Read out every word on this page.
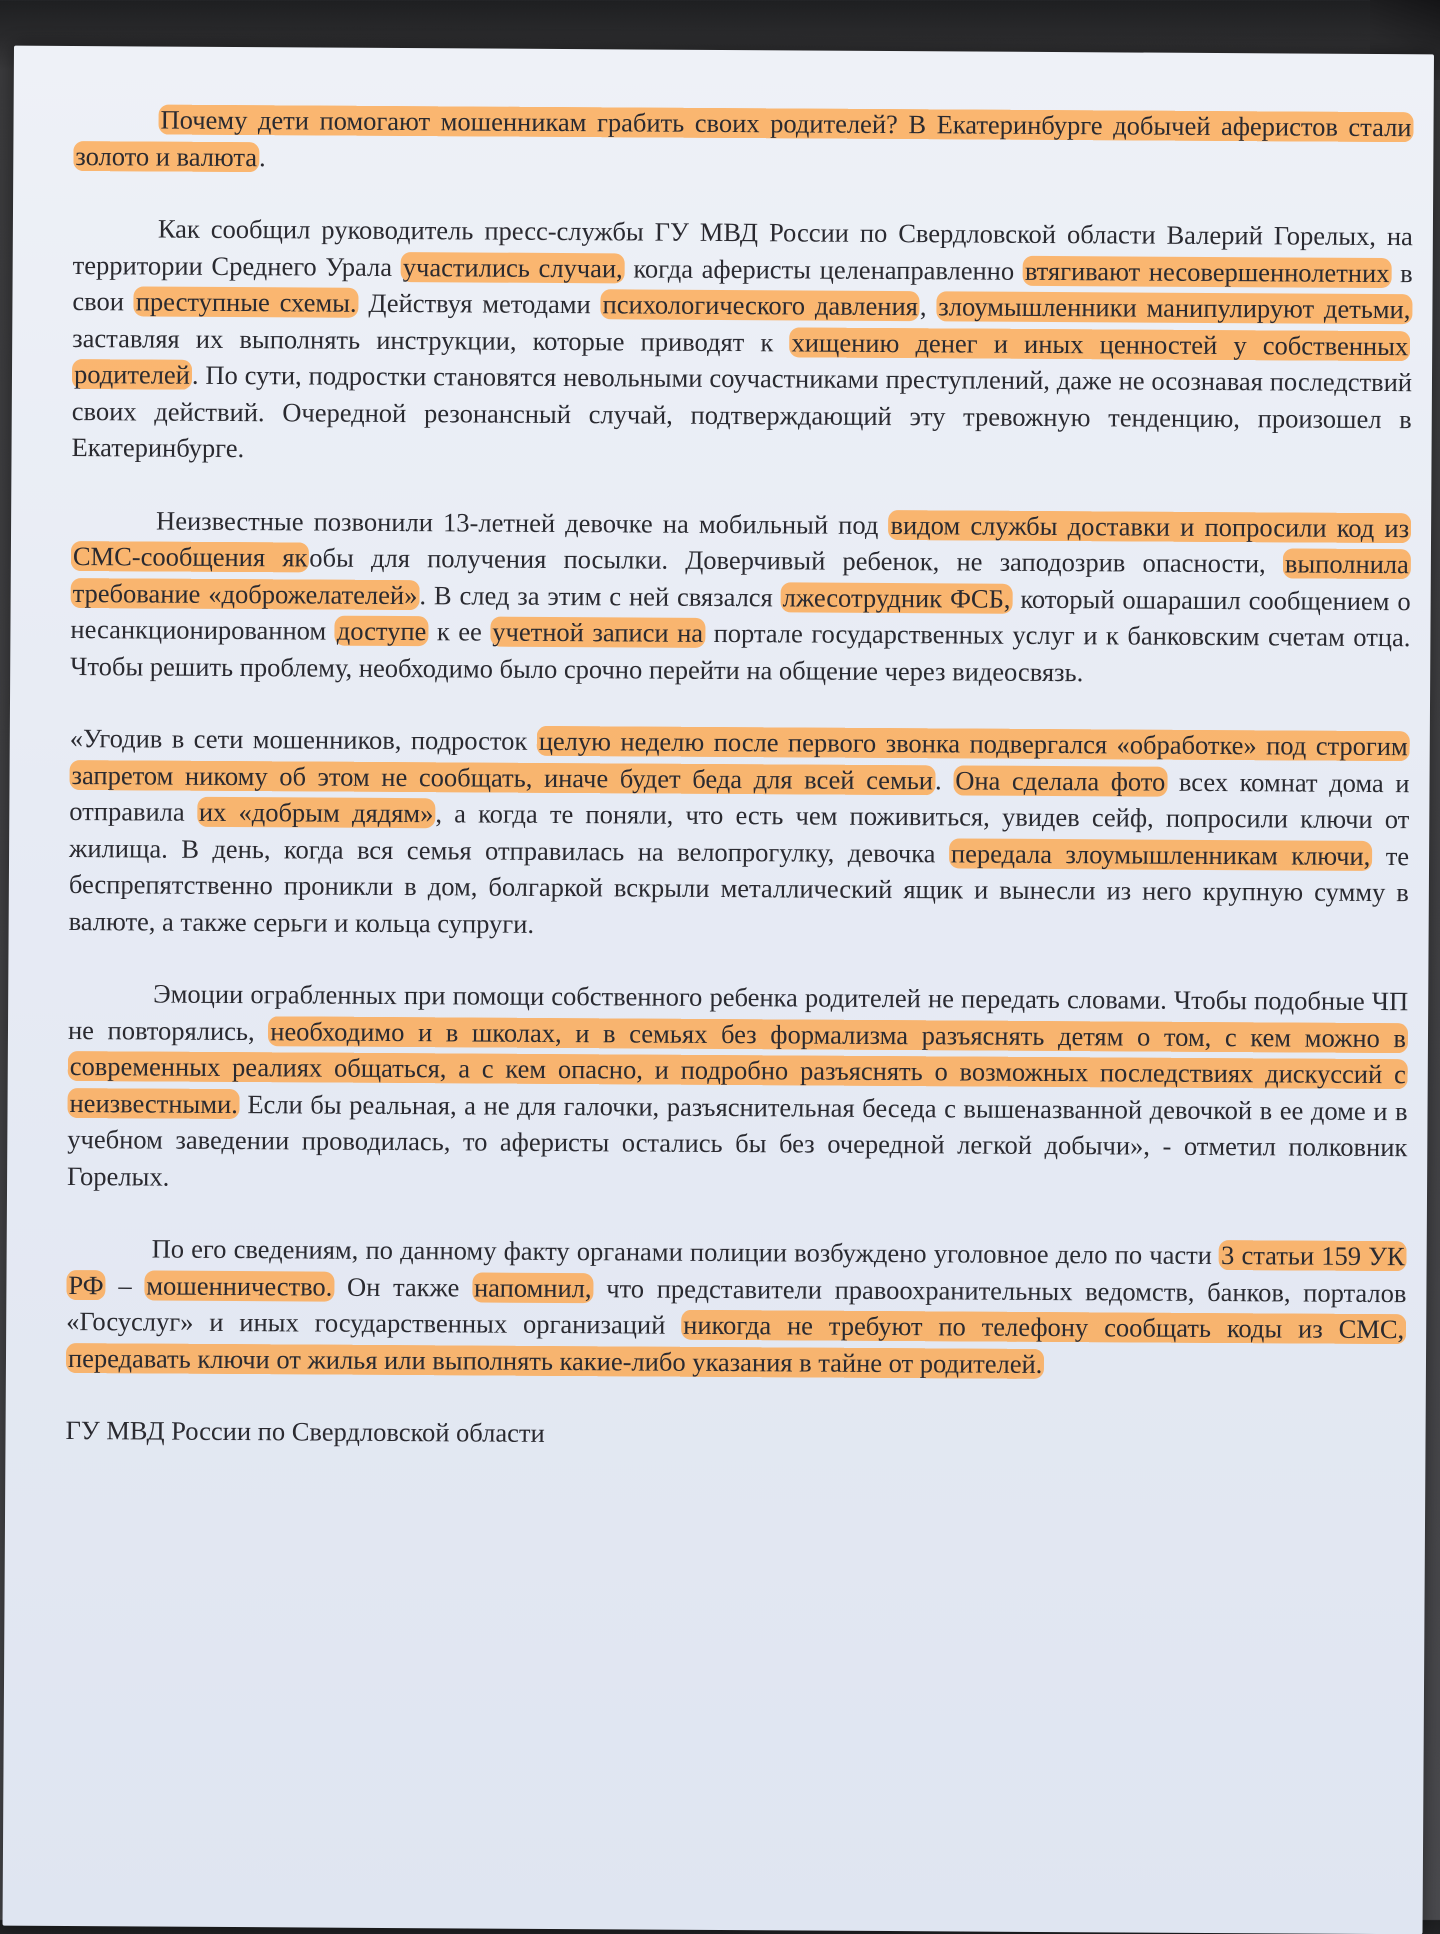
Почему дети помогают мошенникам грабить своих родителей? В Екатеринбурге добычей аферистов стали золото и валюта.

Как сообщил руководитель пресс-службы ГУ МВД России по Свердловской области Валерий Горелых, на территории Среднего Урала участились случаи, когда аферисты целенаправленно втягивают несовершеннолетних в свои преступные схемы. Действуя методами психологического давления, злоумышленники манипулируют детьми, заставляя их выполнять инструкции, которые приводят к хищению денег и иных ценностей у собственных родителей. По сути, подростки становятся невольными соучастниками преступлений, даже не осознавая последствий своих действий. Очередной резонансный случай, подтверждающий эту тревожную тенденцию, произошел в Екатеринбурге.

Неизвестные позвонили 13-летней девочке на мобильный под видом службы доставки и попросили код из СМС-сообщения якобы для получения посылки. Доверчивый ребенок, не заподозрив опасности, выполнила требование «доброжелателей». В след за этим с ней связался лжесотрудник ФСБ, который ошарашил сообщением о несанкционированном доступе к ее учетной записи на портале государственных услуг и к банковским счетам отца. Чтобы решить проблему, необходимо было срочно перейти на общение через видеосвязь.

«Угодив в сети мошенников, подросток целую неделю после первого звонка подвергался «обработке» под строгим запретом никому об этом не сообщать, иначе будет беда для всей семьи. Она сделала фото всех комнат дома и отправила их «добрым дядям», а когда те поняли, что есть чем поживиться, увидев сейф, попросили ключи от жилища. В день, когда вся семья отправилась на велопрогулку, девочка передала злоумышленникам ключи, те беспрепятственно проникли в дом, болгаркой вскрыли металлический ящик и вынесли из него крупную сумму в валюте, а также серьги и кольца супруги.

Эмоции ограбленных при помощи собственного ребенка родителей не передать словами. Чтобы подобные ЧП не повторялись, необходимо и в школах, и в семьях без формализма разъяснять детям о том, с кем можно в современных реалиях общаться, а с кем опасно, и подробно разъяснять о возможных последствиях дискуссий с неизвестными. Если бы реальная, а не для галочки, разъяснительная беседа с вышеназванной девочкой в ее доме и в учебном заведении проводилась, то аферисты остались бы без очередной легкой добычи», - отметил полковник Горелых.

По его сведениям, по данному факту органами полиции возбуждено уголовное дело по части 3 статьи 159 УК РФ – мошенничество. Он также напомнил, что представители правоохранительных ведомств, банков, порталов «Госуслуг» и иных государственных организаций никогда не требуют по телефону сообщать коды из СМС, передавать ключи от жилья или выполнять какие-либо указания в тайне от родителей.

ГУ МВД России по Свердловской области
